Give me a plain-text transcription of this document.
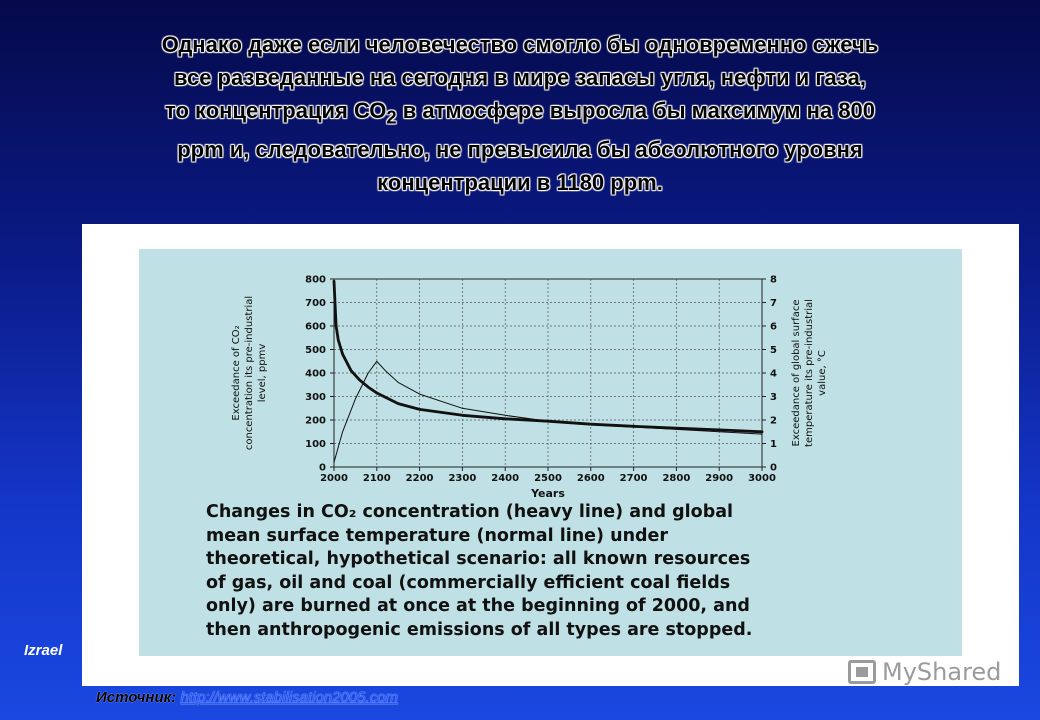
Однако даже если человечество смогло бы одновременно сжечь
все разведанные на сегодня в мире запасы угля, нефти и газа,
то концентрация $СО_2$ в атмосфере выросла бы максимум на 800
ppm и, следовательно, не превысила бы абсолютного уровня
концентрации в 1180 ppm.
2000 2100 2200 2300 2400 2500 2600 2700 2800 2900 3000
0
100
200
300
400
500
600
700
800
0
1
2
3
4
5
6
7
8
Years
Exceedance of CO₂ concentration its pre-industrial level, ppmv	Exceedance of global surface temperature its pre-industrial value, °C
Changes in CO₂ concentration (heavy line) and global
mean surface temperature (normal line) under
theoretical, hypothetical scenario: all known resources
of gas, oil and coal (commercially efficient coal fields
only) are burned at once at the beginning of 2000, and
then anthropogenic emissions of all types are stopped.
Izrael
Источник: http://www.stabilisation2005.com
MyShared
